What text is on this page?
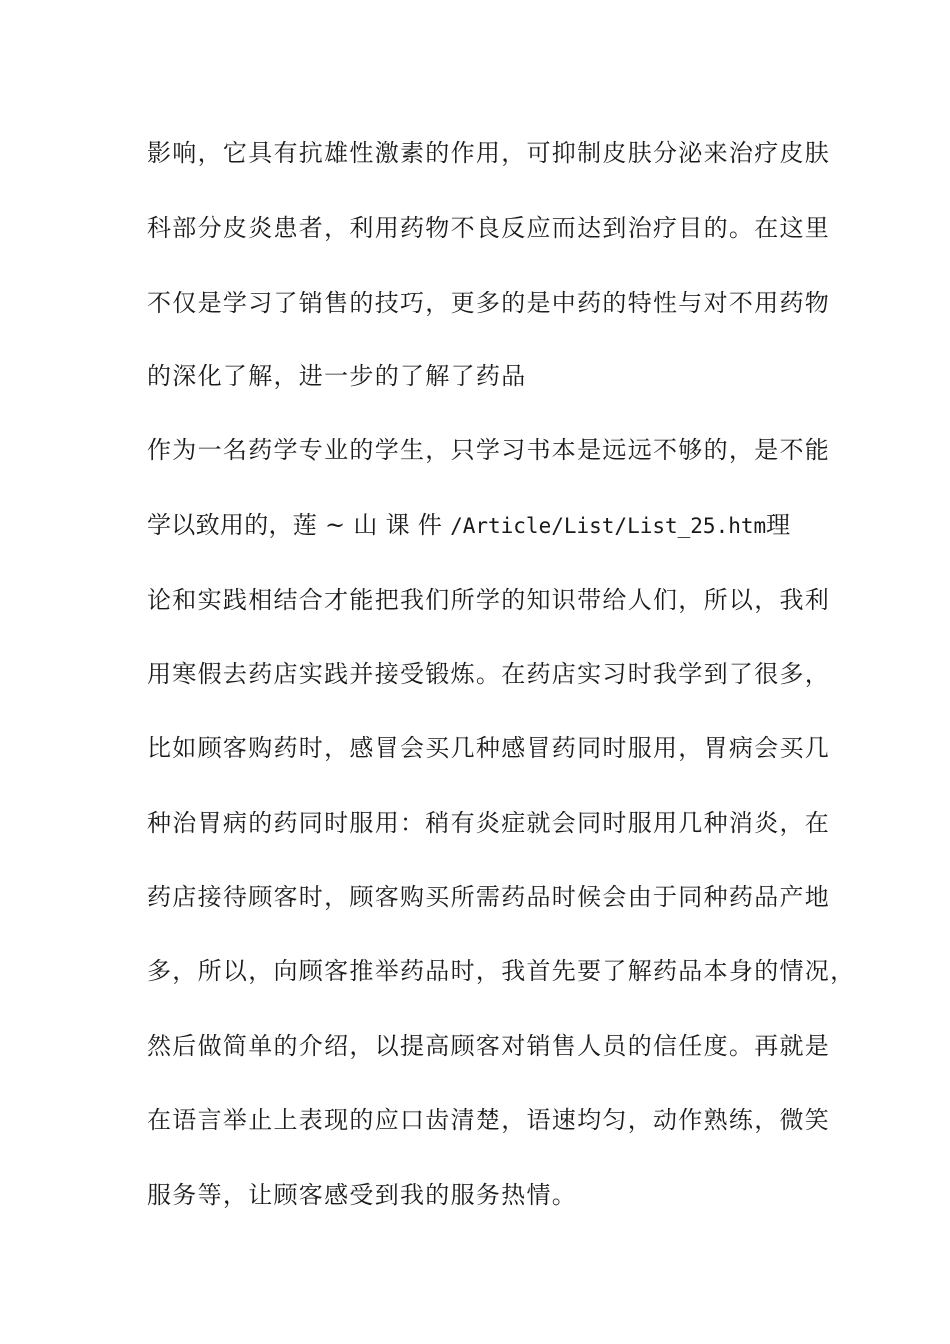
影响，它具有抗雄性激素的作用，可抑制皮肤分泌来治疗皮肤
科部分皮炎患者，利用药物不良反应而达到治疗目的。在这里
不仅是学习了销售的技巧，更多的是中药的特性与对不用药物
的深化了解，进一步的了解了药品
作为一名药学专业的学生，只学习书本是远远不够的，是不能
学以致用的，莲 ~ 山 课 件 /Article/List/List_25.htm理
论和实践相结合才能把我们所学的知识带给人们，所以，我利
用寒假去药店实践并接受锻炼。在药店实习时我学到了很多，
比如顾客购药时，感冒会买几种感冒药同时服用，胃病会买几
种治胃病的药同时服用：稍有炎症就会同时服用几种消炎，在
药店接待顾客时，顾客购买所需药品时候会由于同种药品产地
多，所以，向顾客推举药品时，我首先要了解药品本身的情况，
然后做简单的介绍，以提高顾客对销售人员的信任度。再就是
在语言举止上表现的应口齿清楚，语速均匀，动作熟练，微笑
服务等，让顾客感受到我的服务热情。
